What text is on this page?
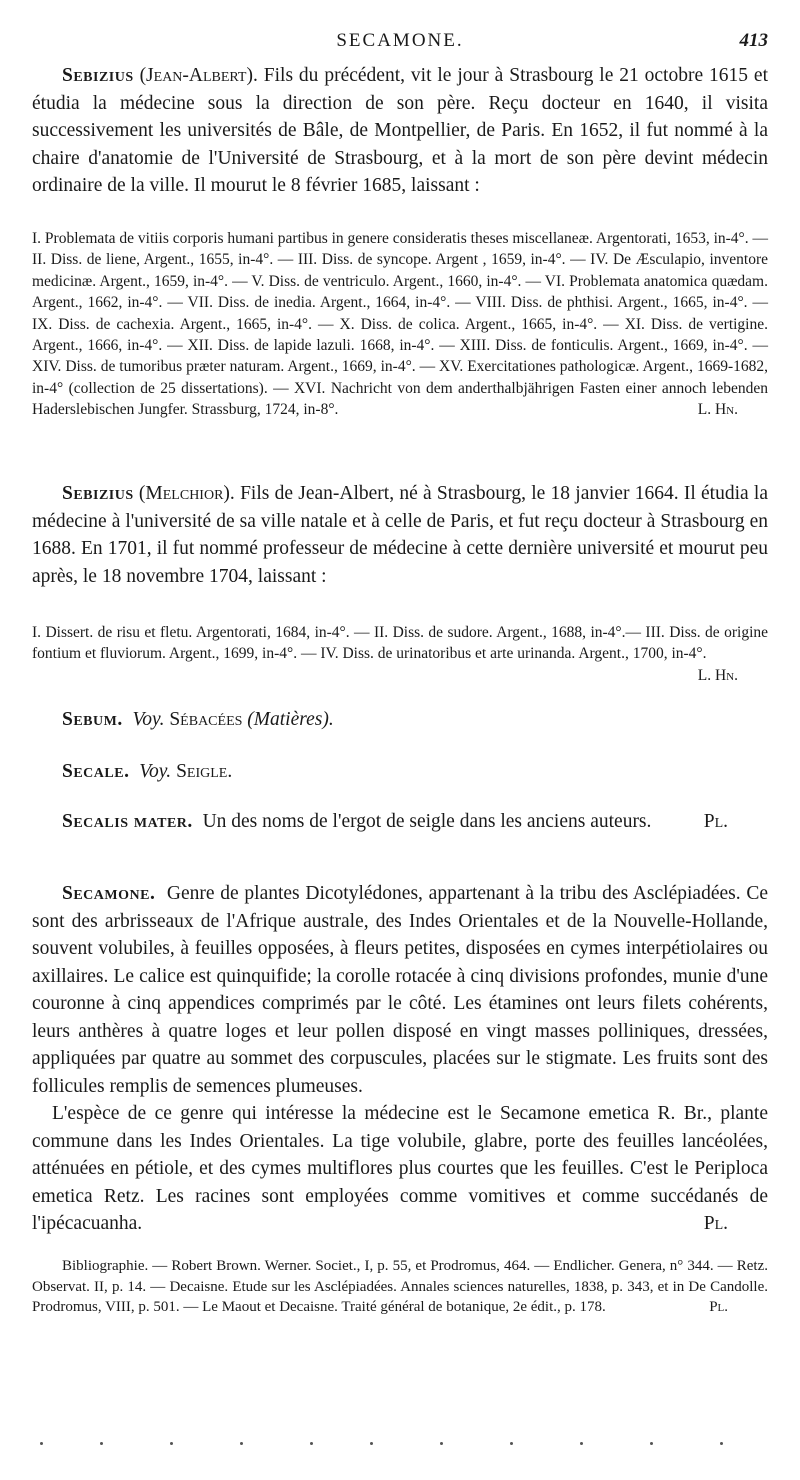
SECAMONE.	413

Sebizius (Jean-Albert). Fils du précédent, vit le jour à Strasbourg le 21 octobre 1615 et étudia la médecine sous la direction de son père. Reçu docteur en 1640, il visita successivement les universités de Bâle, de Montpellier, de Paris. En 1652, il fut nommé à la chaire d'anatomie de l'Université de Strasbourg, et à la mort de son père devint médecin ordinaire de la ville. Il mourut le 8 février 1685, laissant :

I. Problemata de vitiis corporis humani partibus in genere consideratis theses miscellaneæ. Argentorati, 1653, in-4°. — II. Diss. de liene, Argent., 1655, in-4°. — III. Diss. de syncope. Argent , 1659, in-4°. — IV. De Æsculapio, inventore medicinæ. Argent., 1659, in-4°. — V. Diss. de ventriculo. Argent., 1660, in-4°. — VI. Problemata anatomica quædam. Argent., 1662, in-4°. — VII. Diss. de inedia. Argent., 1664, in-4°. — VIII. Diss. de phthisi. Argent., 1665, in-4°. — IX. Diss. de cachexia. Argent., 1665, in-4°. — X. Diss. de colica. Argent., 1665, in-4°. — XI. Diss. de vertigine. Argent., 1666, in-4°. — XII. Diss. de lapide lazuli. 1668, in-4°. — XIII. Diss. de fonticulis. Argent., 1669, in-4°. — XIV. Diss. de tumoribus præter naturam. Argent., 1669, in-4°. — XV. Exercitationes pathologicæ. Argent., 1669-1682, in-4° (collection de 25 dissertations). — XVI. Nachricht von dem anderthalbjährigen Fasten einer annoch lebenden Haderslebischen Jungfer. Strassburg, 1724, in-8°.	L. Hn.

Sebizius (Melchior). Fils de Jean-Albert, né à Strasbourg, le 18 janvier 1664. Il étudia la médecine à l'université de sa ville natale et à celle de Paris, et fut reçu docteur à Strasbourg en 1688. En 1701, il fut nommé professeur de médecine à cette dernière université et mourut peu après, le 18 novembre 1704, laissant :

I. Dissert. de risu et fletu. Argentorati, 1684, in-4°. — II. Diss. de sudore. Argent., 1688, in-4°.— III. Diss. de origine fontium et fluviorum. Argent., 1699, in-4°. — IV. Diss. de urinatoribus et arte urinanda. Argent., 1700, in-4°.
L. Hn.

Sebum. Voy. Sébacées (Matières).

Secale. Voy. Seigle.

Secalis mater. Un des noms de l'ergot de seigle dans les anciens auteurs.	Pl.

Secamone. Genre de plantes Dicotylédones, appartenant à la tribu des Asclépiadées. Ce sont des arbrisseaux de l'Afrique australe, des Indes Orientales et de la Nouvelle-Hollande, souvent volubiles, à feuilles opposées, à fleurs petites, disposées en cymes interpétiolaires ou axillaires. Le calice est quinquifide; la corolle rotacée à cinq divisions profondes, munie d'une couronne à cinq appendices comprimés par le côté. Les étamines ont leurs filets cohérents, leurs anthères à quatre loges et leur pollen disposé en vingt masses polliniques, dressées, appliquées par quatre au sommet des corpuscules, placées sur le stigmate. Les fruits sont des follicules remplis de semences plumeuses.
L'espèce de ce genre qui intéresse la médecine est le Secamone emetica R. Br., plante commune dans les Indes Orientales. La tige volubile, glabre, porte des feuilles lancéolées, atténuées en pétiole, et des cymes multiflores plus courtes que les feuilles. C'est le Periploca emetica Retz. Les racines sont employées comme vomitives et comme succédanés de l'ipécacuanha.	Pl.
Bibliographie. — Robert Brown. Werner. Societ., I, p. 55, et Prodromus, 464. — Endlicher. Genera, n° 344. — Retz. Observat. II, p. 14. — Decaisne. Etude sur les Asclépiadées. Annales sciences naturelles, 1838, p. 343, et in De Candolle. Prodromus, VIII, p. 501. — Le Maout et Decaisne. Traité général de botanique, 2e édit., p. 178.	Pl.
